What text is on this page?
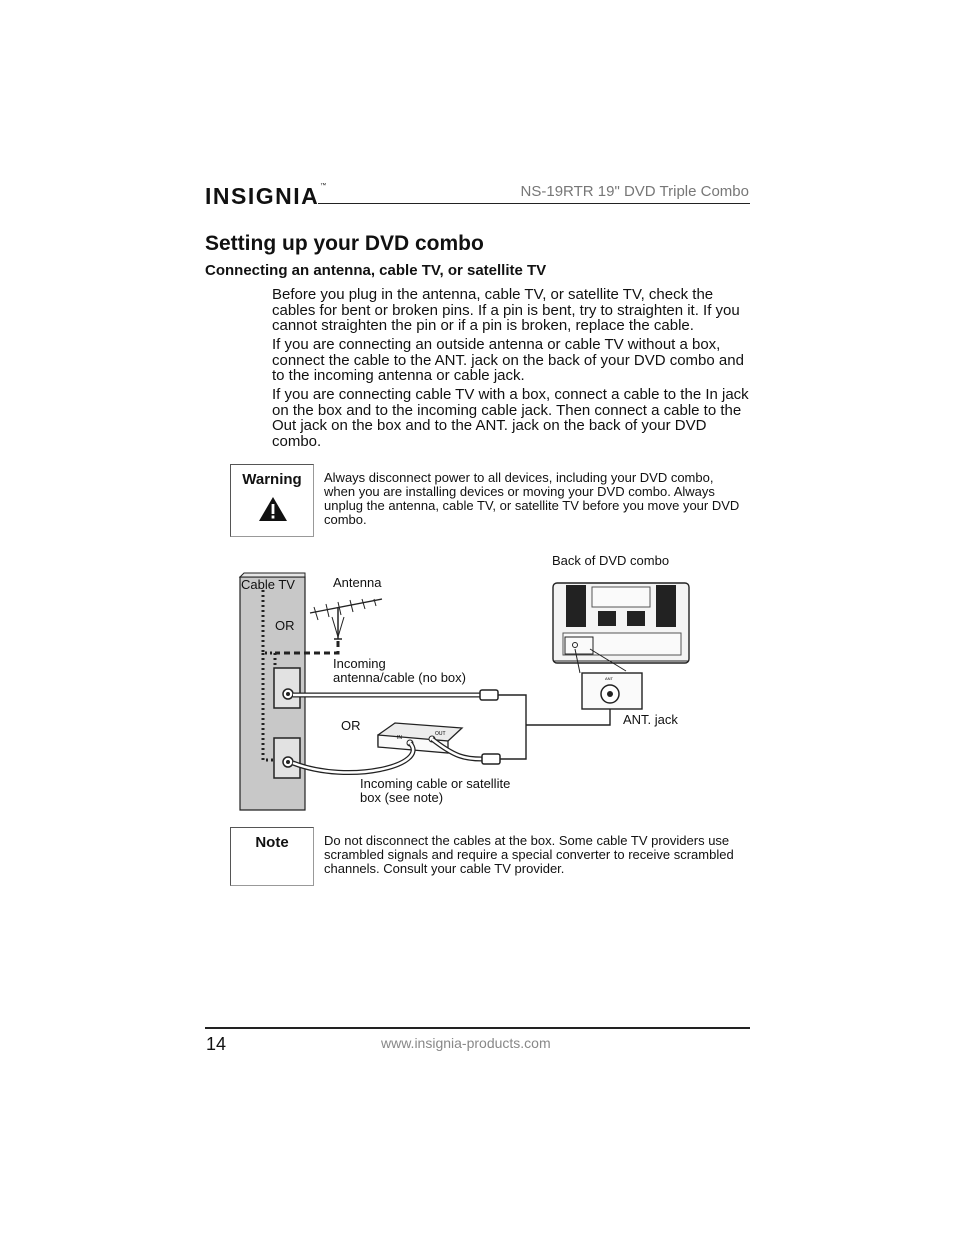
INSIGNIA™	NS-19RTR 19" DVD Triple Combo
Setting up your DVD combo
Connecting an antenna, cable TV, or satellite TV

Before you plug in the antenna, cable TV, or satellite TV, check the cables for bent or broken pins. If a pin is bent, try to straighten it. If you cannot straighten the pin or if a pin is broken, replace the cable.

If you are connecting an outside antenna or cable TV without a box, connect the cable to the ANT. jack on the back of your DVD combo and to the incoming antenna or cable jack.

If you are connecting cable TV with a box, connect a cable to the In jack on the box and to the incoming cable jack. Then connect a cable to the Out jack on the box and to the ANT. jack on the back of your DVD combo.

Warning	Always disconnect power to all devices, including your DVD combo, when you are installing devices or moving your DVD combo. Always unplug the antenna, cable TV, or satellite TV before you move your DVD combo.

IN
OUT
ANT
Back of DVD combo
Cable TV	Antenna
OR
Incoming
antenna/cable (no box)
OR	ANT. jack
Incoming cable or satellite
box (see note)
Note	Do not disconnect the cables at the box. Some cable TV providers use scrambled signals and require a special converter to receive scrambled channels. Consult your cable TV provider.

14	www.insignia-products.com
